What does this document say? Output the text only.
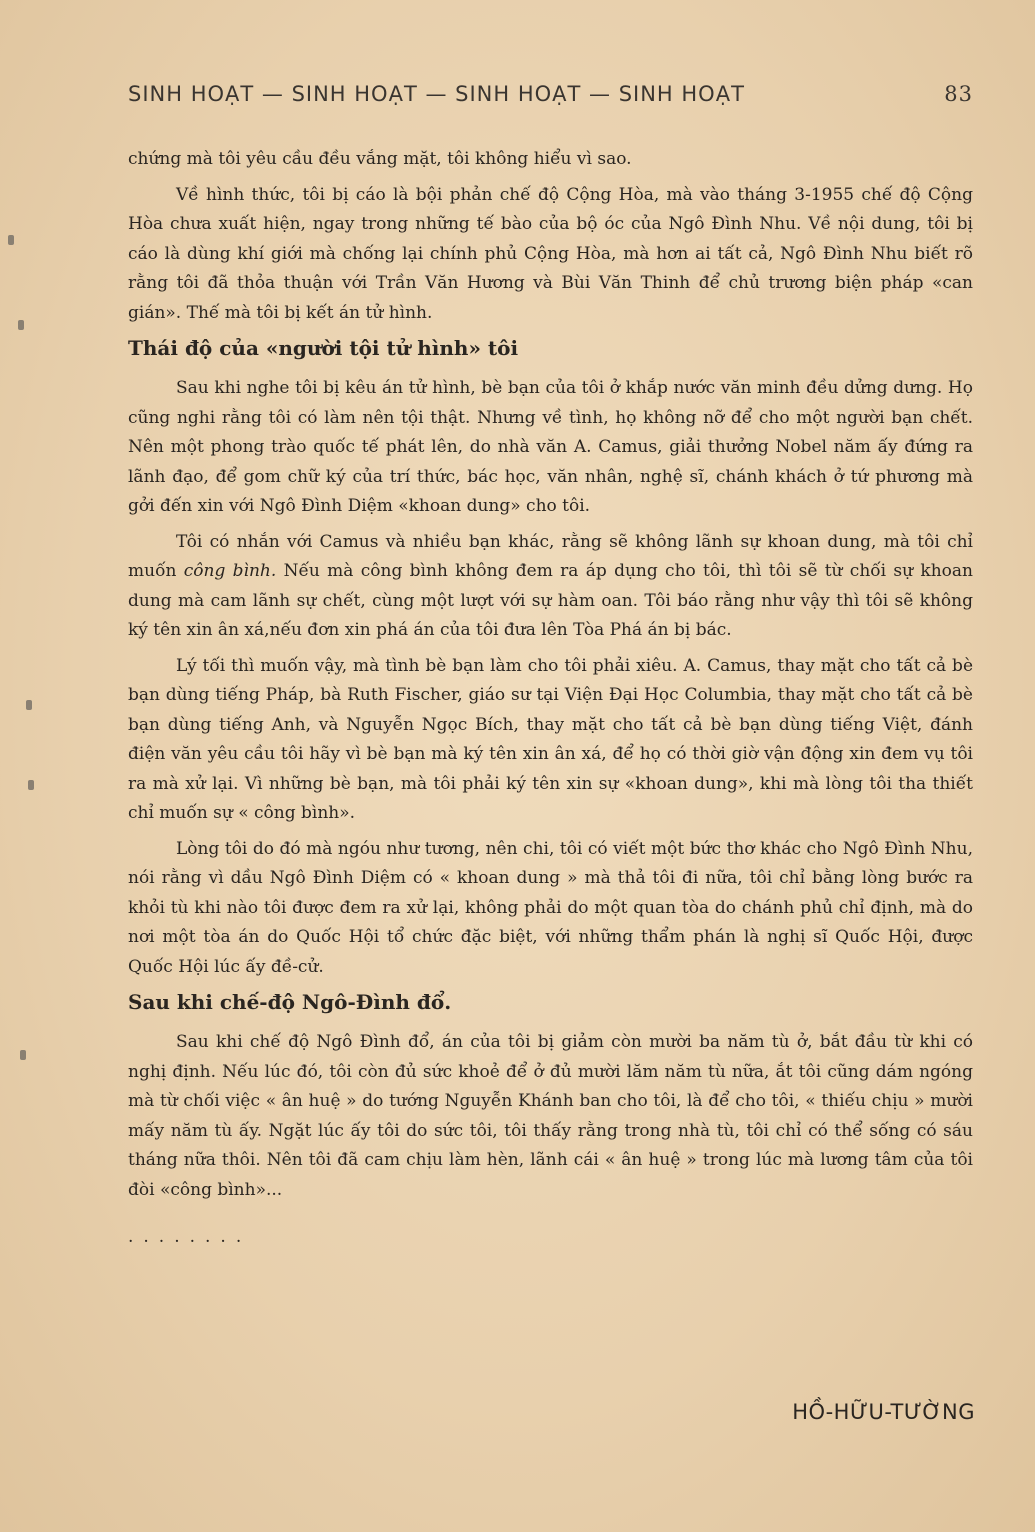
SINH HOẠT — SINH HOẠT — SINH HOẠT — SINH HOẠT	83

chứng mà tôi yêu cầu đều vắng mặt, tôi không hiểu vì sao.

Về hình thức, tôi bị cáo là bội phản chế độ Cộng Hòa, mà vào tháng 3-1955 chế độ Cộng Hòa chưa xuất hiện, ngay trong những tế bào của bộ óc của Ngô Đình Nhu. Về nội dung, tôi bị cáo là dùng khí giới mà chống lại chính phủ Cộng Hòa, mà hơn ai tất cả, Ngô Đình Nhu biết rõ rằng tôi đã thỏa thuận với Trần Văn Hương và Bùi Văn Thinh để chủ trương biện pháp «can gián». Thế mà tôi bị kết án tử hình.

Thái độ của «người tội tử hình» tôi

Sau khi nghe tôi bị kêu án tử hình, bè bạn của tôi ở khắp nước văn minh đều dửng dưng. Họ cũng nghi rằng tôi có làm nên tội thật. Nhưng về tình, họ không nỡ để cho một người bạn chết. Nên một phong trào quốc tế phát lên, do nhà văn A. Camus, giải thưởng Nobel năm ấy đứng ra lãnh đạo, để gom chữ ký của trí thức, bác học, văn nhân, nghệ sĩ, chánh khách ở tứ phương mà gởi đến xin với Ngô Đình Diệm «khoan dung» cho tôi.

Tôi có nhắn với Camus và nhiều bạn khác, rằng sẽ không lãnh sự khoan dung, mà tôi chỉ muốn công bình. Nếu mà công bình không đem ra áp dụng cho tôi, thì tôi sẽ từ chối sự khoan dung mà cam lãnh sự chết, cùng một lượt với sự hàm oan. Tôi báo rằng như vậy thì tôi sẽ không ký tên xin ân xá,nếu đơn xin phá án của tôi đưa lên Tòa Phá án bị bác.

Lý tối thì muốn vậy, mà tình bè bạn làm cho tôi phải xiêu. A. Camus, thay mặt cho tất cả bè bạn dùng tiếng Pháp, bà Ruth Fischer, giáo sư tại Viện Đại Học Columbia, thay mặt cho tất cả bè bạn dùng tiếng Anh, và Nguyễn Ngọc Bích, thay mặt cho tất cả bè bạn dùng tiếng Việt, đánh điện văn yêu cầu tôi hãy vì bè bạn mà ký tên xin ân xá, để họ có thời giờ vận động xin đem vụ tôi ra mà xử lại. Vì những bè bạn, mà tôi phải ký tên xin sự «khoan dung», khi mà lòng tôi tha thiết chỉ muốn sự « công bình».

Lòng tôi do đó mà ngóu như tương, nên chi, tôi có viết một bức thơ khác cho Ngô Đình Nhu, nói rằng vì dầu Ngô Đình Diệm có « khoan dung » mà thả tôi đi nữa, tôi chỉ bằng lòng bước ra khỏi tù khi nào tôi được đem ra xử lại, không phải do một quan tòa do chánh phủ chỉ định, mà do nơi một tòa án do Quốc Hội tổ chức đặc biệt, với những thẩm phán là nghị sĩ Quốc Hội, được Quốc Hội lúc ấy đề-cử.

Sau khi chế-độ Ngô-Đình đổ.

Sau khi chế độ Ngô Đình đổ, án của tôi bị giảm còn mười ba năm tù ở, bắt đầu từ khi có nghị định. Nếu lúc đó, tôi còn đủ sức khoẻ để ở đủ mười lăm năm tù nữa, ắt tôi cũng dám ngóng mà từ chối việc « ân huệ » do tướng Nguyễn Khánh ban cho tôi, là để cho tôi, « thiếu chịu » mười mấy năm tù ấy. Ngặt lúc ấy tôi do sức tôi, tôi thấy rằng trong nhà tù, tôi chỉ có thể sống có sáu tháng nữa thôi. Nên tôi đã cam chịu làm hèn, lãnh cái « ân huệ » trong lúc mà lương tâm của tôi đòi «công bình»...

........
HỒ-HỮU-TƯỜNG
